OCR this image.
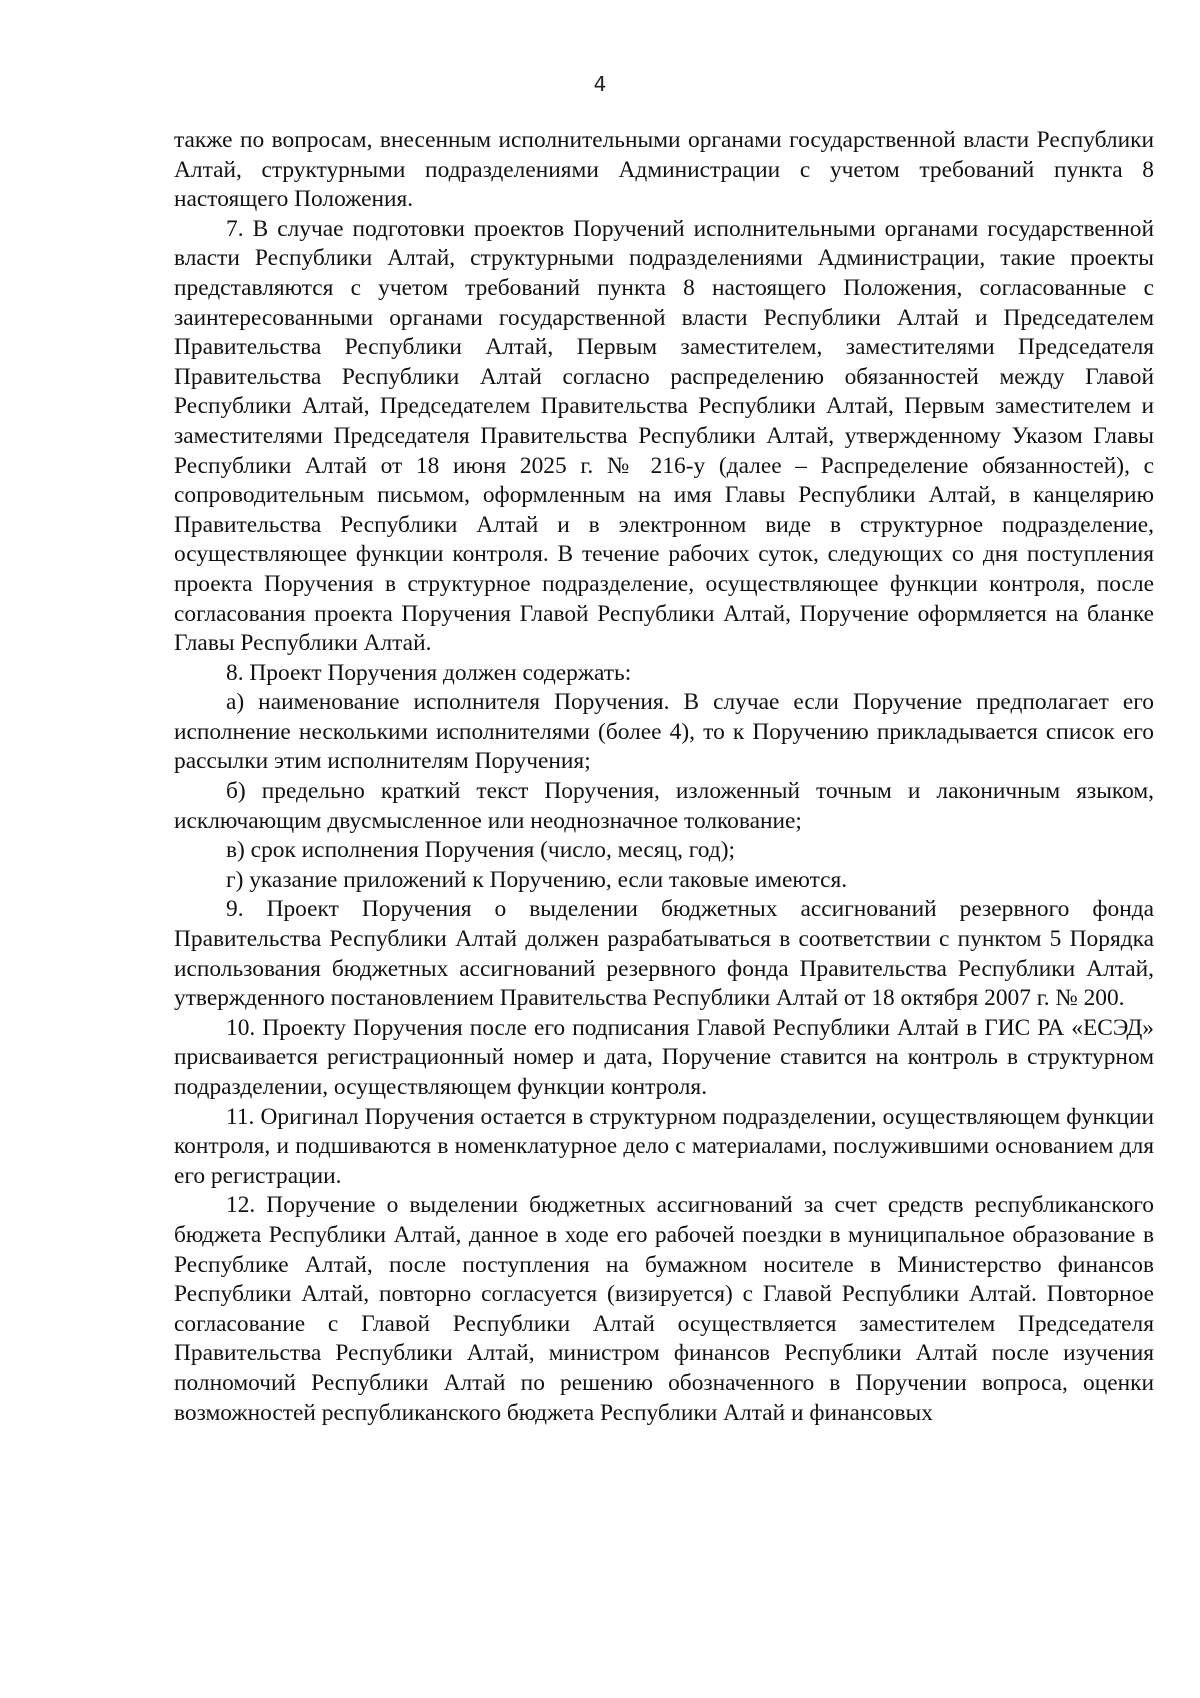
4

также по вопросам, внесенным исполнительными органами государственной власти Республики Алтай, структурными подразделениями Администрации с учетом требований пункта 8 настоящего Положения.

7. В случае подготовки проектов Поручений исполнительными органами государственной власти Республики Алтай, структурными подразделениями Администрации, такие проекты представляются с учетом требований пункта 8 настоящего Положения, согласованные с заинтересованными органами государственной власти Республики Алтай и Председателем Правительства Республики Алтай, Первым заместителем, заместителями Председателя Правительства Республики Алтай согласно распределению обязанностей между Главой Республики Алтай, Председателем Правительства Республики Алтай, Первым заместителем и заместителями Председателя Правительства Республики Алтай, утвержденному Указом Главы Республики Алтай от 18 июня 2025 г. № 216-у (далее – Распределение обязанностей), с сопроводительным письмом, оформленным на имя Главы Республики Алтай, в канцелярию Правительства Республики Алтай и в электронном виде в структурное подразделение, осуществляющее функции контроля. В течение рабочих суток, следующих со дня поступления проекта Поручения в структурное подразделение, осуществляющее функции контроля, после согласования проекта Поручения Главой Республики Алтай, Поручение оформляется на бланке Главы Республики Алтай.

8. Проект Поручения должен содержать:

а) наименование исполнителя Поручения. В случае если Поручение предполагает его исполнение несколькими исполнителями (более 4), то к Поручению прикладывается список его рассылки этим исполнителям Поручения;

б) предельно краткий текст Поручения, изложенный точным и лаконичным языком, исключающим двусмысленное или неоднозначное толкование;

в) срок исполнения Поручения (число, месяц, год);

г) указание приложений к Поручению, если таковые имеются.

9. Проект Поручения о выделении бюджетных ассигнований резервного фонда Правительства Республики Алтай должен разрабатываться в соответствии с пунктом 5 Порядка использования бюджетных ассигнований резервного фонда Правительства Республики Алтай, утвержденного постановлением Правительства Республики Алтай от 18 октября 2007 г. № 200.

10. Проекту Поручения после его подписания Главой Республики Алтай в ГИС РА «ЕСЭД» присваивается регистрационный номер и дата, Поручение ставится на контроль в структурном подразделении, осуществляющем функции контроля.

11. Оригинал Поручения остается в структурном подразделении, осуществляющем функции контроля, и подшиваются в номенклатурное дело с материалами, послужившими основанием для его регистрации.

12. Поручение о выделении бюджетных ассигнований за счет средств республиканского бюджета Республики Алтай, данное в ходе его рабочей поездки в муниципальное образование в Республике Алтай, после поступления на бумажном носителе в Министерство финансов Республики Алтай, повторно согласуется (визируется) с Главой Республики Алтай. Повторное согласование с Главой Республики Алтай осуществляется заместителем Председателя Правительства Республики Алтай, министром финансов Республики Алтай после изучения полномочий Республики Алтай по решению обозначенного в Поручении вопроса, оценки возможностей республиканского бюджета Республики Алтай и финансовых
